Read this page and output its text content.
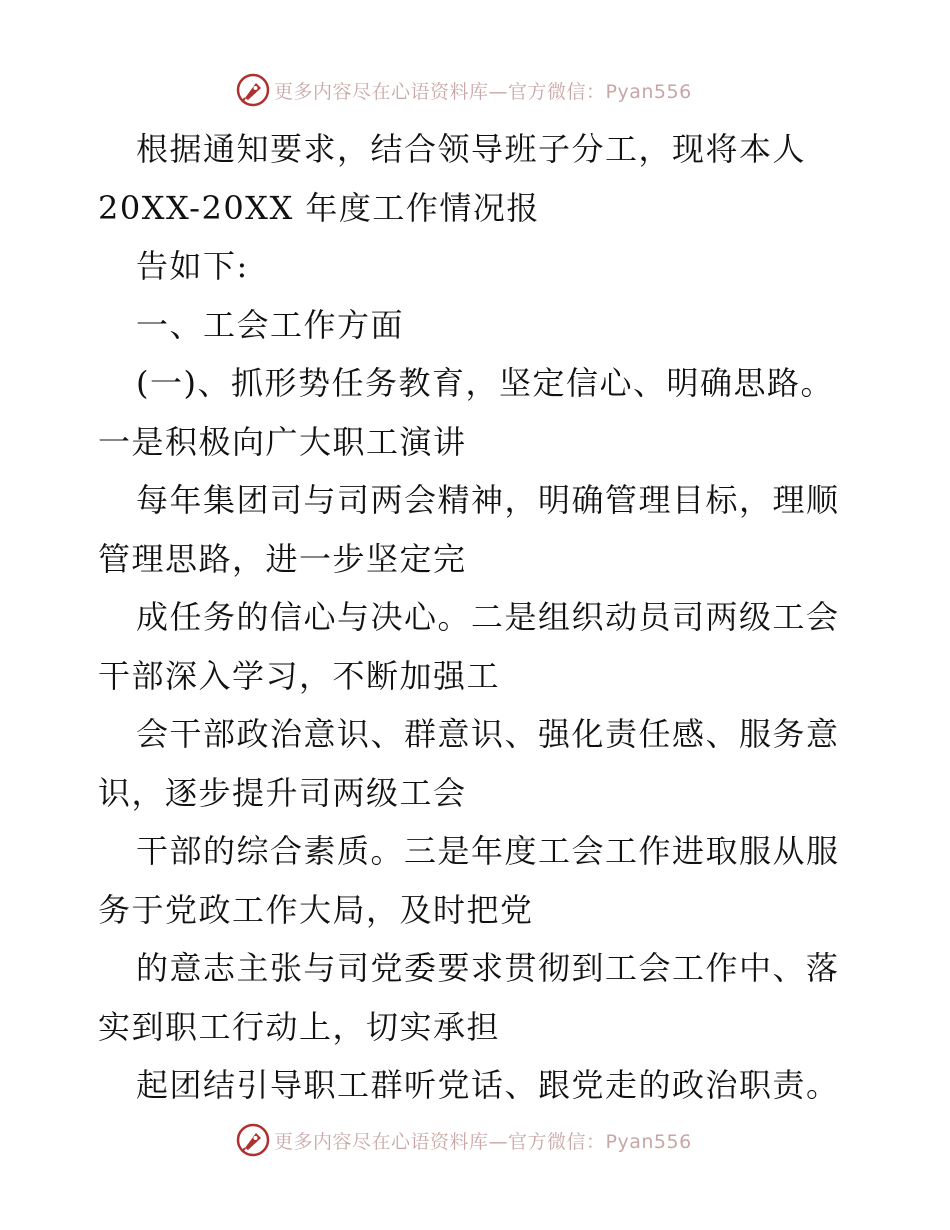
更多内容尽在心语资料库—官方微信：Pyan556
根据通知要求，结合领导班子分工，现将本人
20XX-20XX 年度工作情况报
告如下:
一、工会工作方面
(一)、抓形势任务教育，坚定信心、明确思路。
一是积极向广大职工演讲
每年集团司与司两会精神，明确管理目标，理顺
管理思路，进一步坚定完
成任务的信心与决心。二是组织动员司两级工会
干部深入学习，不断加强工
会干部政治意识、群意识、强化责任感、服务意
识，逐步提升司两级工会
干部的综合素质。三是年度工会工作进取服从服
务于党政工作大局，及时把党
的意志主张与司党委要求贯彻到工会工作中、落
实到职工行动上，切实承担
起团结引导职工群听党话、跟党走的政治职责。
更多内容尽在心语资料库—官方微信：Pyan556
